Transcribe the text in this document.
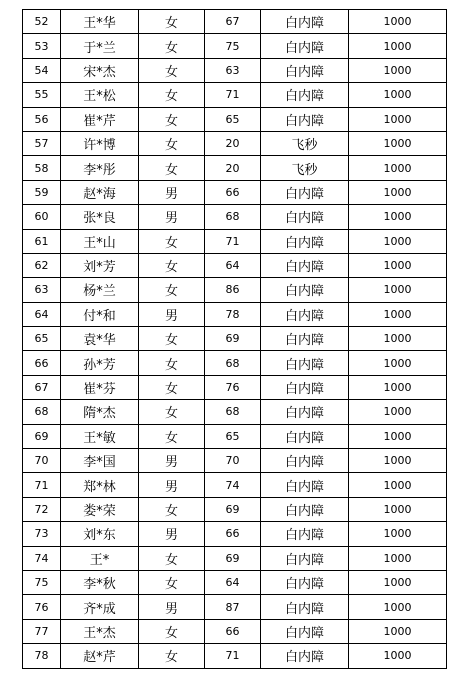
52	王*华	女	67	白内障	1000
53	于*兰	女	75	白内障	1000
54	宋*杰	女	63	白内障	1000
55	王*松	女	71	白内障	1000
56	崔*芹	女	65	白内障	1000
57	许*博	女	20	飞秒	1000
58	李*彤	女	20	飞秒	1000
59	赵*海	男	66	白内障	1000
60	张*良	男	68	白内障	1000
61	王*山	女	71	白内障	1000
62	刘*芳	女	64	白内障	1000
63	杨*兰	女	86	白内障	1000
64	付*和	男	78	白内障	1000
65	袁*华	女	69	白内障	1000
66	孙*芳	女	68	白内障	1000
67	崔*芬	女	76	白内障	1000
68	隋*杰	女	68	白内障	1000
69	王*敏	女	65	白内障	1000
70	李*国	男	70	白内障	1000
71	郑*林	男	74	白内障	1000
72	娄*荣	女	69	白内障	1000
73	刘*东	男	66	白内障	1000
74	王*	女	69	白内障	1000
75	李*秋	女	64	白内障	1000
76	齐*成	男	87	白内障	1000
77	王*杰	女	66	白内障	1000
78	赵*芹	女	71	白内障	1000
